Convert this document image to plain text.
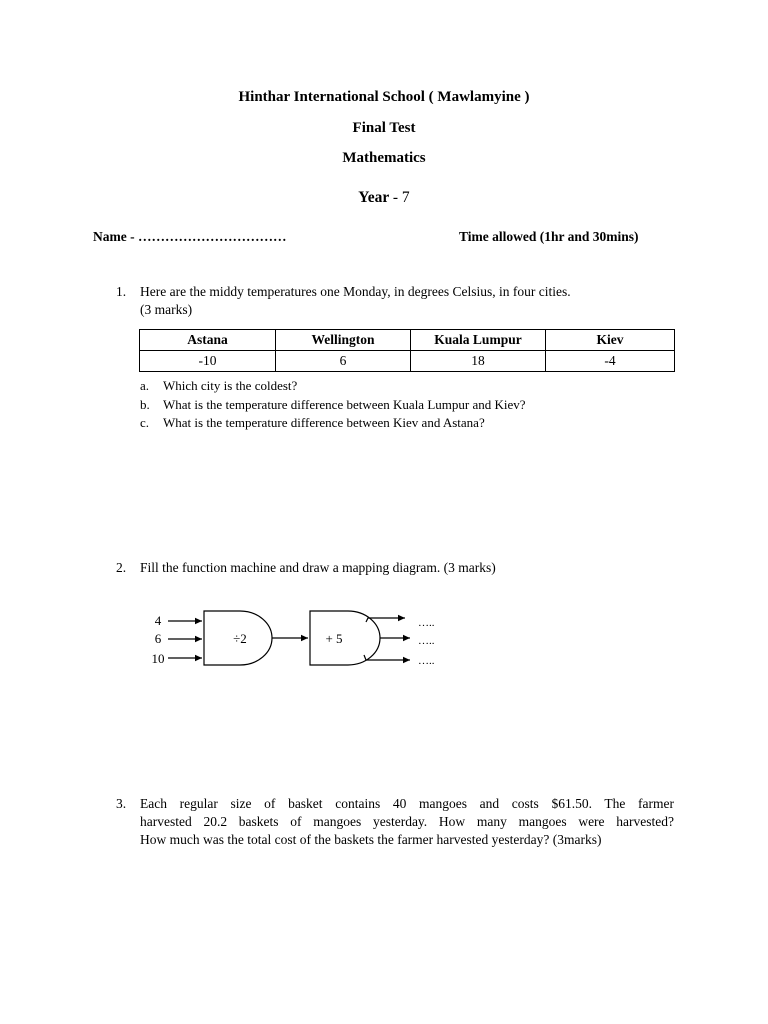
Hinthar International School ( Mawlamyine )
Final Test
Mathematics
Year - 7
Name - ……………………………	Time allowed (1hr and 30mins)
1. Here are the middy temperatures one Monday, in degrees Celsius, in four cities.
(3 marks)
Astana	Wellington	Kuala Lumpur	Kiev
-10	6	18	-4
a. Which city is the coldest?
b. What is the temperature difference between Kuala Lumpur and Kiev?
c. What is the temperature difference between Kiev and Astana?
2. Fill the function machine and draw a mapping diagram. (3 marks)
4
6
10
÷2	+ 5
…..
…..
…..
3. Each regular size of basket contains 40 mangoes and costs $61.50. The farmer
harvested 20.2 baskets of mangoes yesterday. How many mangoes were harvested?
How much was the total cost of the baskets the farmer harvested yesterday? (3marks)
